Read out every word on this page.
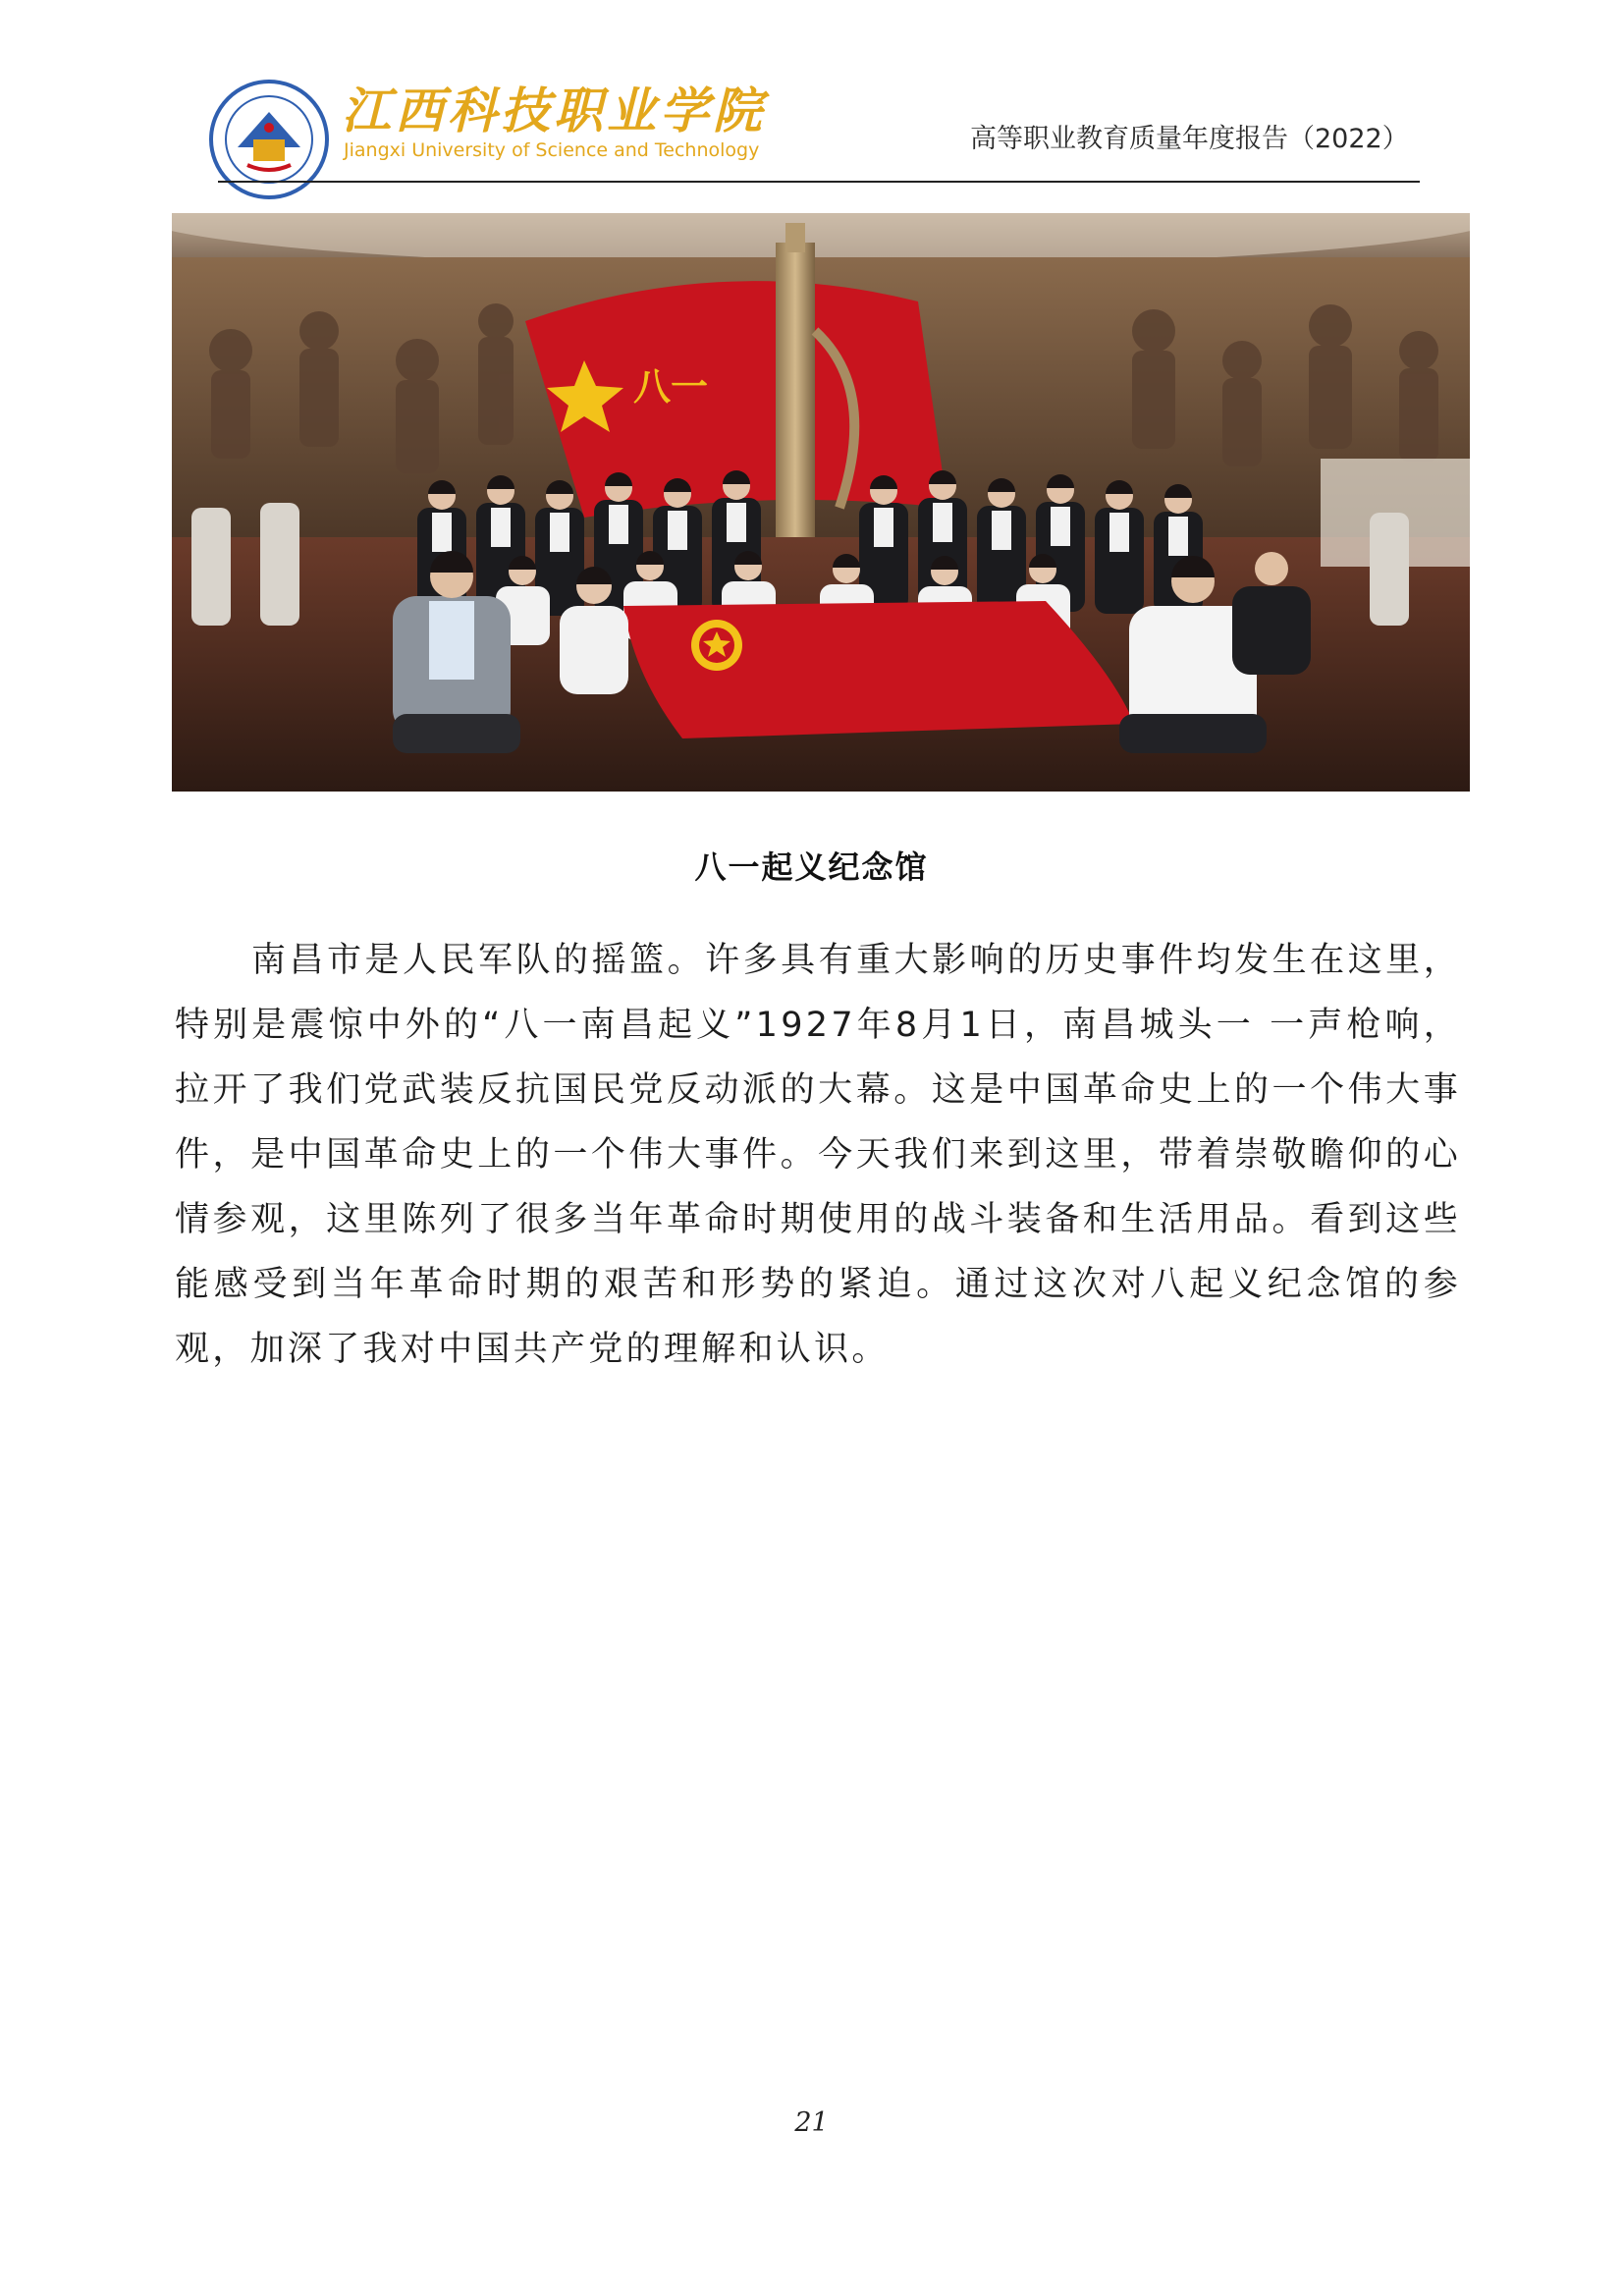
江西科技职业学院
Jiangxi University of Science and Technology	高等职业教育质量年度报告（2022）
八一
八一起义纪念馆

南昌市是人民军队的摇篮。许多具有重大影响的历史事件均发生在这里，特别是震惊中外的“八一南昌起义”1927年8月1日，南昌城头一 一声枪响，拉开了我们党武装反抗国民党反动派的大幕。这是中国革命史上的一个伟大事件，是中国革命史上的一个伟大事件。今天我们来到这里，带着崇敬瞻仰的心情参观，这里陈列了很多当年革命时期使用的战斗装备和生活用品。看到这些能感受到当年革命时期的艰苦和形势的紧迫。通过这次对八起义纪念馆的参观，加深了我对中国共产党的理解和认识。

21
